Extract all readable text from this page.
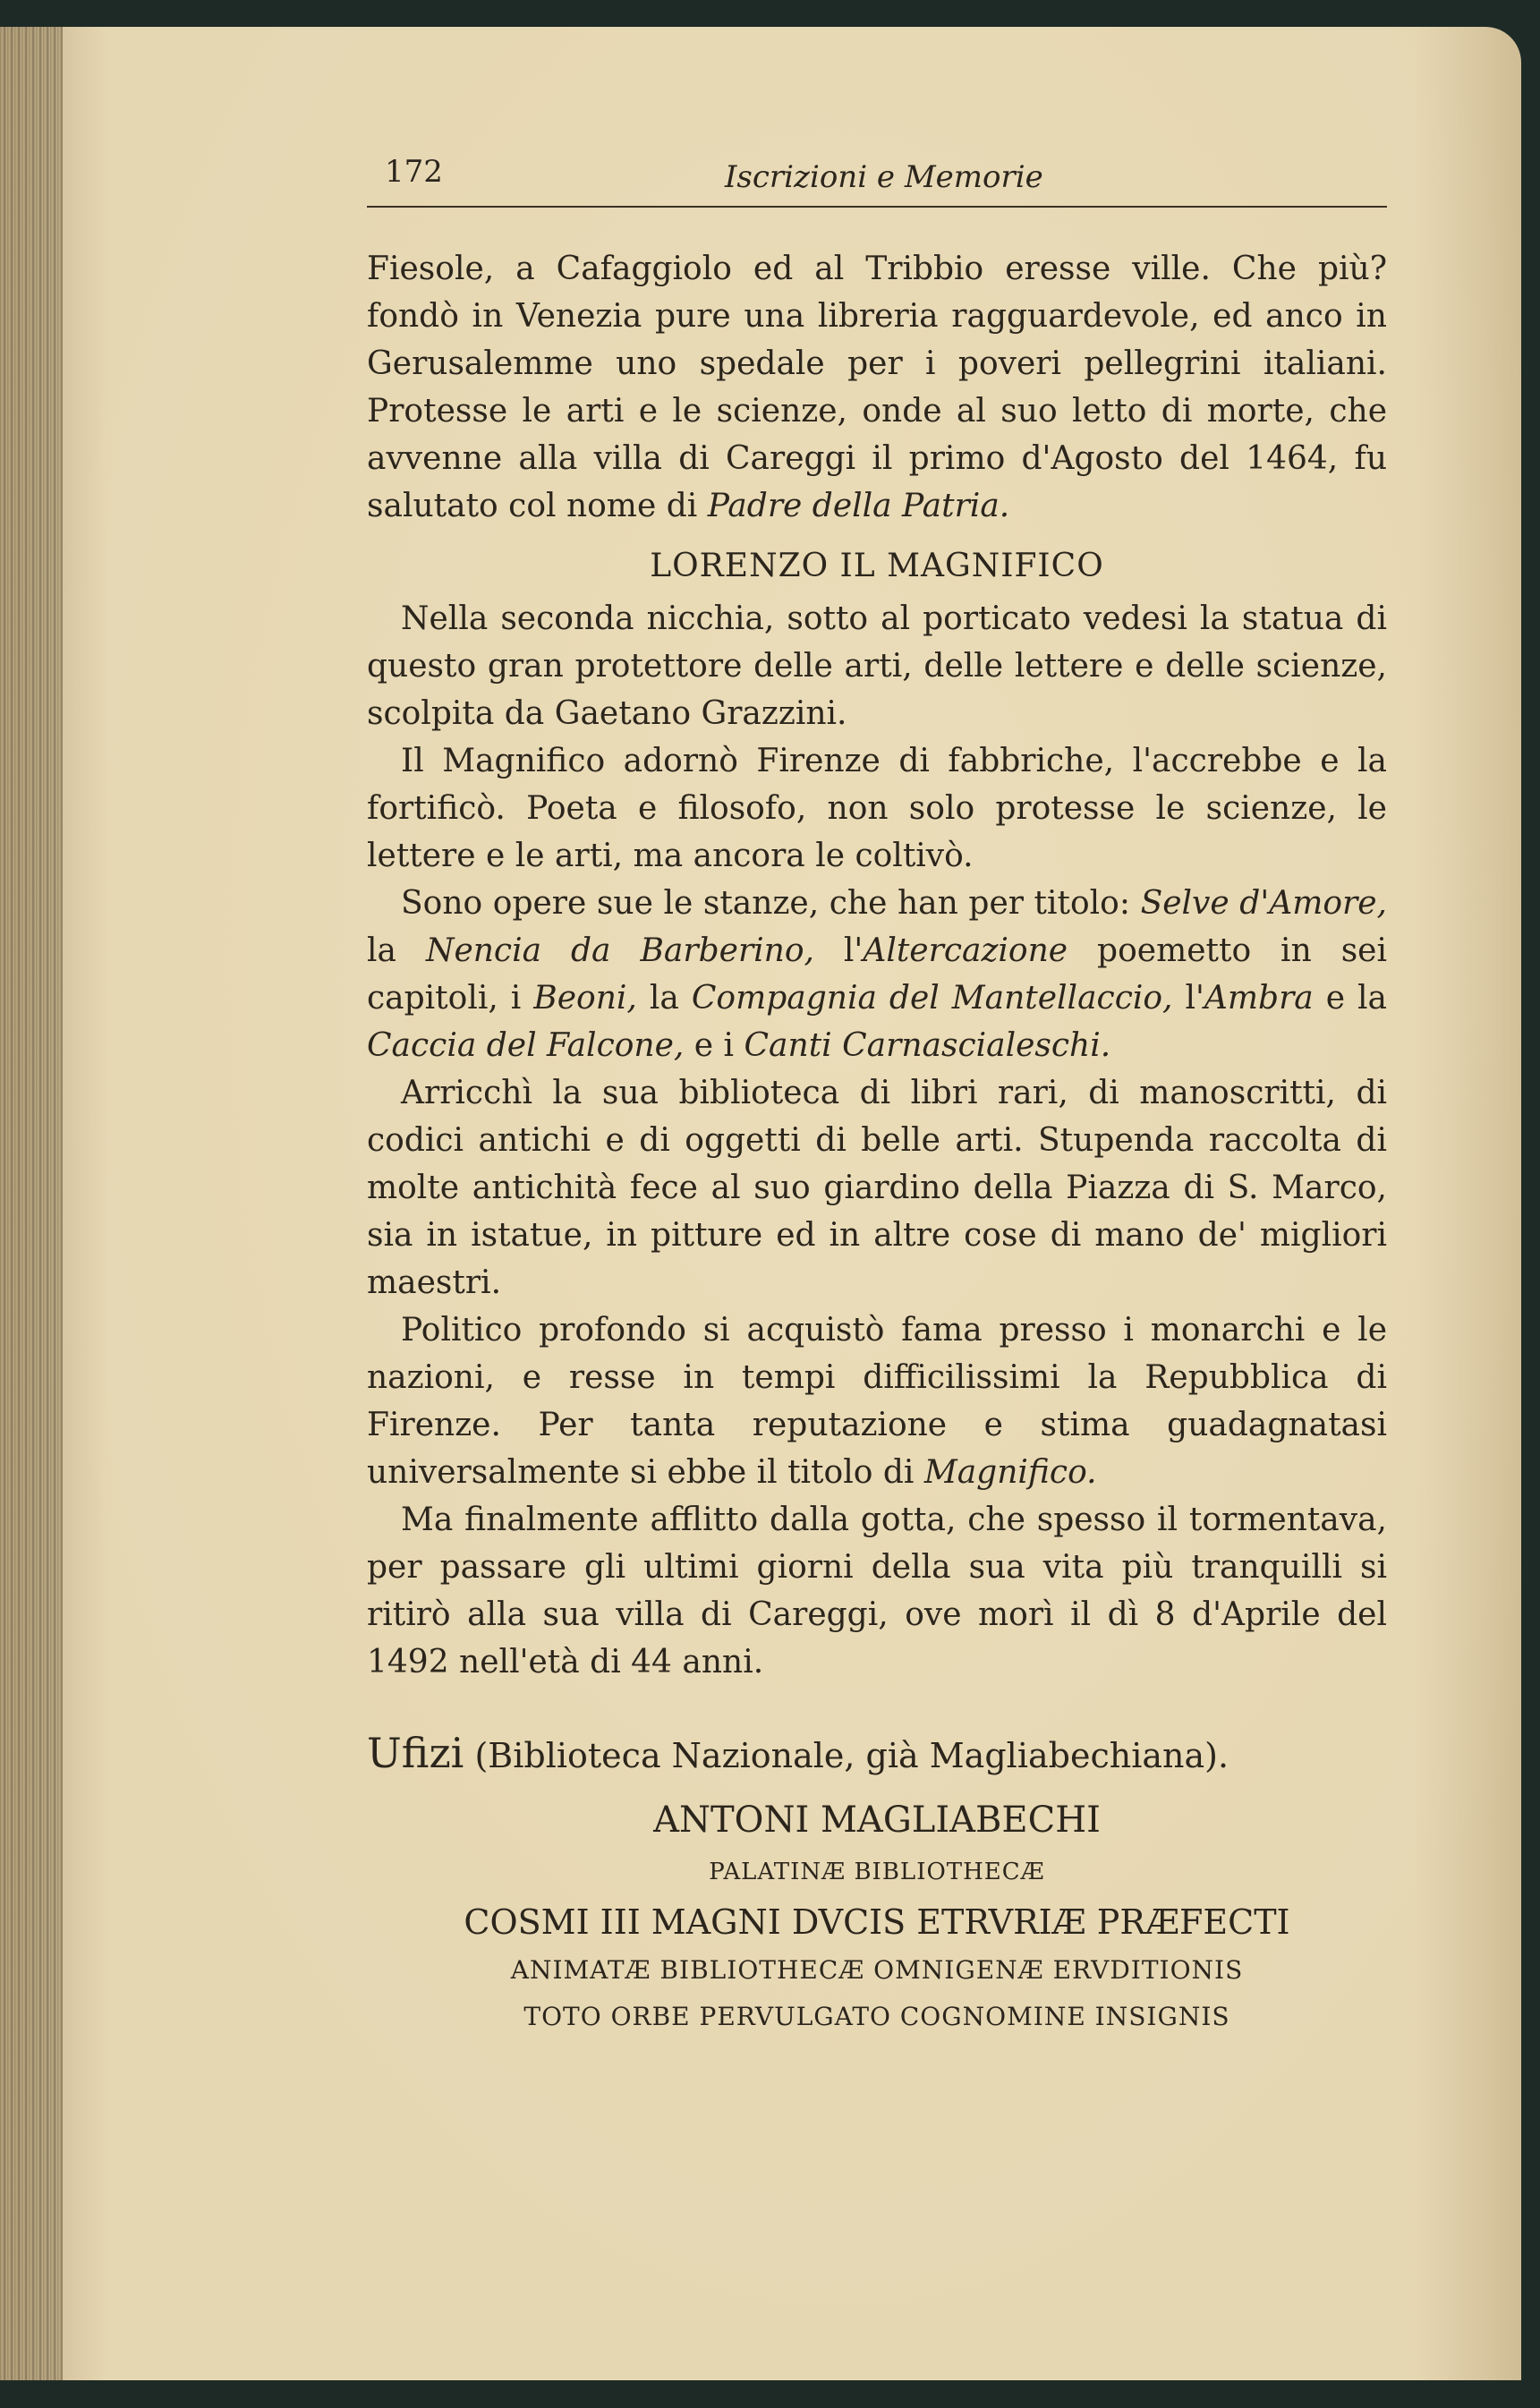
172	Iscrizioni e Memorie

Fiesole, a Cafaggiolo ed al Tribbio eresse ville. Che più? fondò in Venezia pure una libreria ragguardevole, ed anco in Gerusalemme uno spedale per i poveri pellegrini italiani. Protesse le arti e le scienze, onde al suo letto di morte, che avvenne alla villa di Careggi il primo d'Agosto del 1464, fu salutato col nome di Padre della Patria.

LORENZO IL MAGNIFICO

Nella seconda nicchia, sotto al porticato vedesi la statua di questo gran protettore delle arti, delle lettere e delle scienze, scolpita da Gaetano Grazzini.

Il Magnifico adornò Firenze di fabbriche, l'accrebbe e la fortificò. Poeta e filosofo, non solo protesse le scienze, le lettere e le arti, ma ancora le coltivò.

Sono opere sue le stanze, che han per titolo: Selve d'Amore, la Nencia da Barberino, l'Altercazione poemetto in sei capitoli, i Beoni, la Compagnia del Mantellaccio, l'Ambra e la Caccia del Falcone, e i Canti Carnascialeschi.

Arricchì la sua biblioteca di libri rari, di manoscritti, di codici antichi e di oggetti di belle arti. Stupenda raccolta di molte antichità fece al suo giardino della Piazza di S. Marco, sia in istatue, in pitture ed in altre cose di mano de' migliori maestri.

Politico profondo si acquistò fama presso i monarchi e le nazioni, e resse in tempi difficilissimi la Repubblica di Firenze. Per tanta reputazione e stima guadagnatasi universalmente si ebbe il titolo di Magnifico.

Ma finalmente afflitto dalla gotta, che spesso il tormentava, per passare gli ultimi giorni della sua vita più tranquilli si ritirò alla sua villa di Careggi, ove morì il dì 8 d'Aprile del 1492 nell'età di 44 anni.

Ufizi (Biblioteca Nazionale, già Magliabechiana).
ANTONI MAGLIABECHI
PALATINÆ BIBLIOTHECÆ
COSMI III MAGNI DVCIS ETRVRIÆ PRÆFECTI
ANIMATÆ BIBLIOTHECÆ OMNIGENÆ ERVDITIONIS
TOTO ORBE PERVULGATO COGNOMINE INSIGNIS
